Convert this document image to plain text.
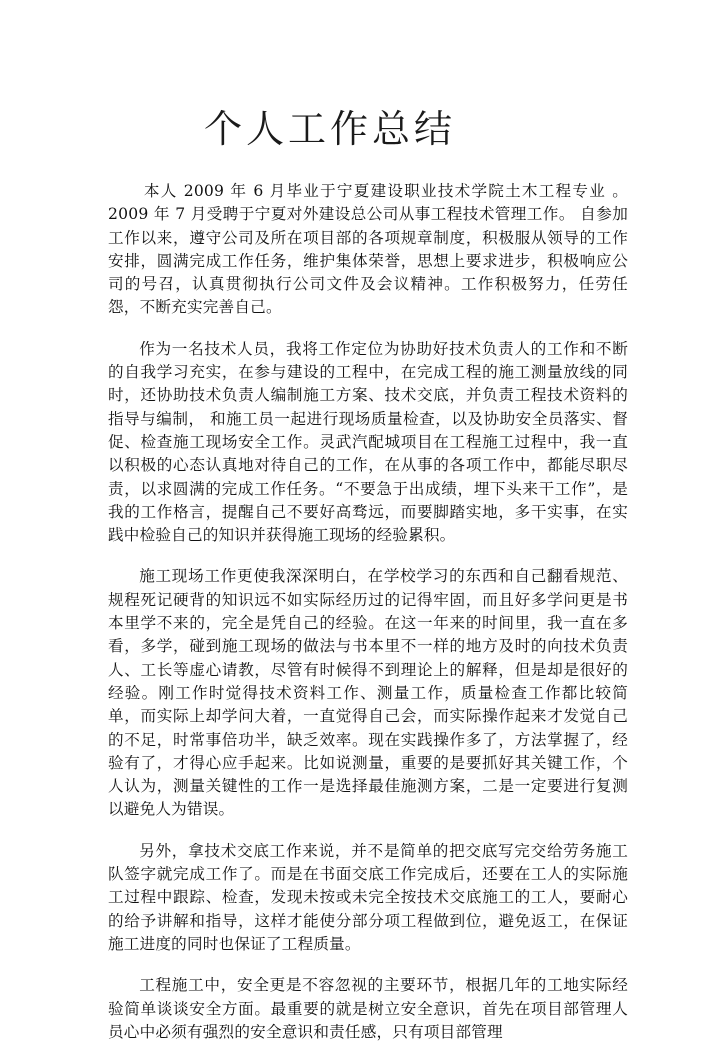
个人工作总结

本人 2009 年 6 月毕业于宁夏建设职业技术学院土木工程专业 。2009 年 7 月受聘于宁夏对外建设总公司从事工程技术管理工作。 自参加工作以来，遵守公司及所在项目部的各项规章制度，积极服从领导的工作安排，圆满完成工作任务，维护集体荣誉，思想上要求进步，积极响应公司的号召，认真贯彻执行公司文件及会议精神。工作积极努力，任劳任怨，不断充实完善自己。

作为一名技术人员，我将工作定位为协助好技术负责人的工作和不断的自我学习充实，在参与建设的工程中，在完成工程的施工测量放线的同时，还协助技术负责人编制施工方案、技术交底，并负责工程技术资料的指导与编制， 和施工员一起进行现场质量检查，以及协助安全员落实、督促、检查施工现场安全工作。灵武汽配城项目在工程施工过程中，我一直以积极的心态认真地对待自己的工作，在从事的各项工作中，都能尽职尽责，以求圆满的完成工作任务。“不要急于出成绩，埋下头来干工作”，是我的工作格言，提醒自己不要好高骛远，而要脚踏实地，多干实事，在实践中检验自己的知识并获得施工现场的经验累积。

施工现场工作更使我深深明白，在学校学习的东西和自己翻看规范、规程死记硬背的知识远不如实际经历过的记得牢固，而且好多学问更是书本里学不来的，完全是凭自己的经验。在这一年来的时间里，我一直在多看，多学，碰到施工现场的做法与书本里不一样的地方及时的向技术负责人、工长等虚心请教，尽管有时候得不到理论上的解释，但是却是很好的经验。刚工作时觉得技术资料工作、测量工作，质量检查工作都比较简单，而实际上却学问大着，一直觉得自己会，而实际操作起来才发觉自己的不足，时常事倍功半，缺乏效率。现在实践操作多了，方法掌握了，经验有了，才得心应手起来。比如说测量，重要的是要抓好其关键工作，个人认为，测量关键性的工作一是选择最佳施测方案，二是一定要进行复测以避免人为错误。

另外，拿技术交底工作来说，并不是简单的把交底写完交给劳务施工队签字就完成工作了。而是在书面交底工作完成后，还要在工人的实际施工过程中跟踪、检查，发现未按或未完全按技术交底施工的工人，要耐心的给予讲解和指导，这样才能使分部分项工程做到位，避免返工，在保证施工进度的同时也保证了工程质量。

工程施工中，安全更是不容忽视的主要环节，根据几年的工地实际经验简单谈谈安全方面。最重要的就是树立安全意识，首先在项目部管理人员心中必须有强烈的安全意识和责任感，只有项目部管理
